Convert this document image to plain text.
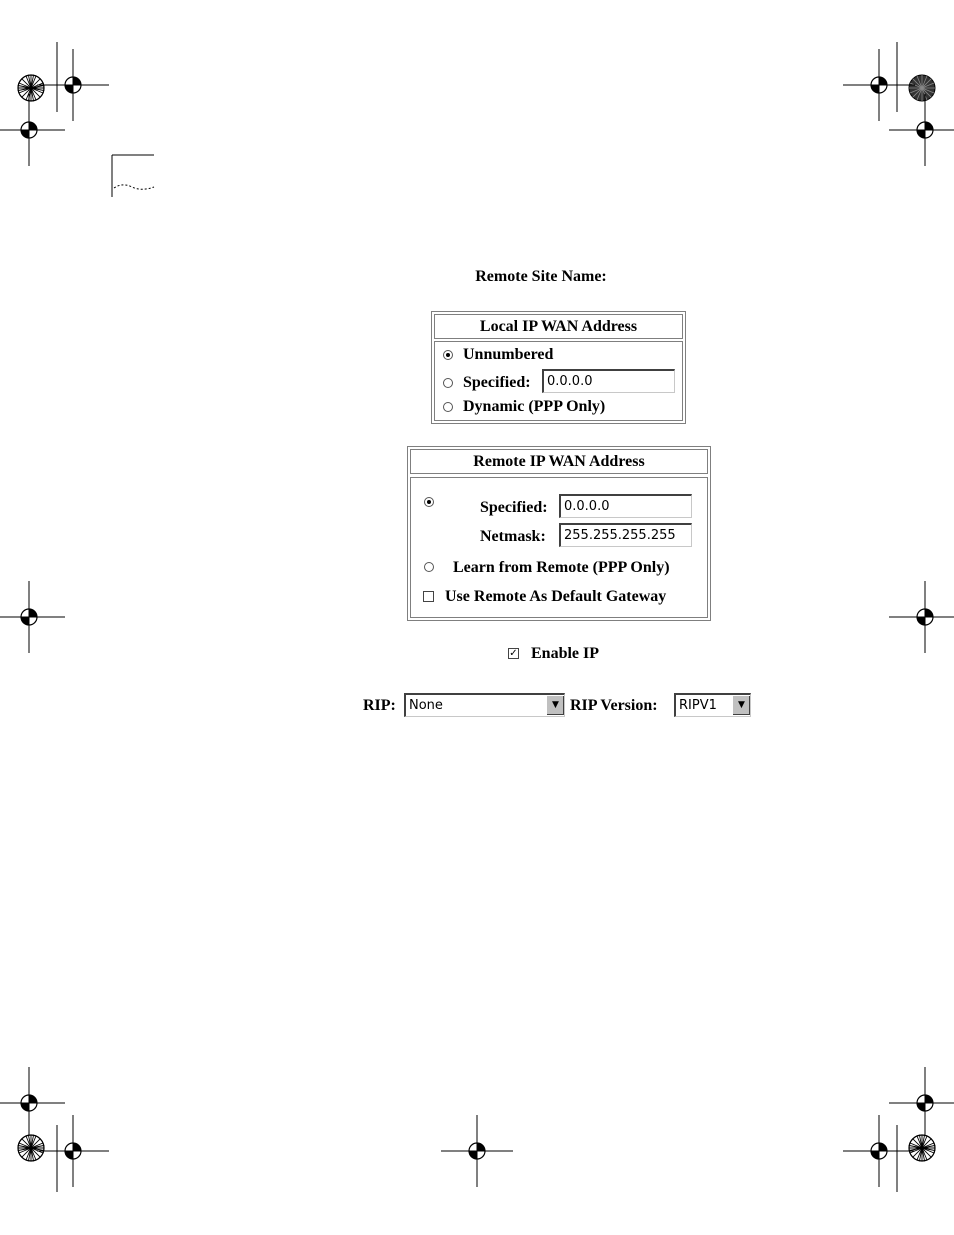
Remote Site Name:
Local IP WAN Address
Unnumbered
Specified:
0.0.0.0
Dynamic (PPP Only)
Remote IP WAN Address
Specified:
0.0.0.0
Netmask:
255.255.255.255
Learn from Remote (PPP Only)
Use Remote As Default Gateway
✓ Enable IP
RIP: None	▼ RIP Version: RIPV1	▼
